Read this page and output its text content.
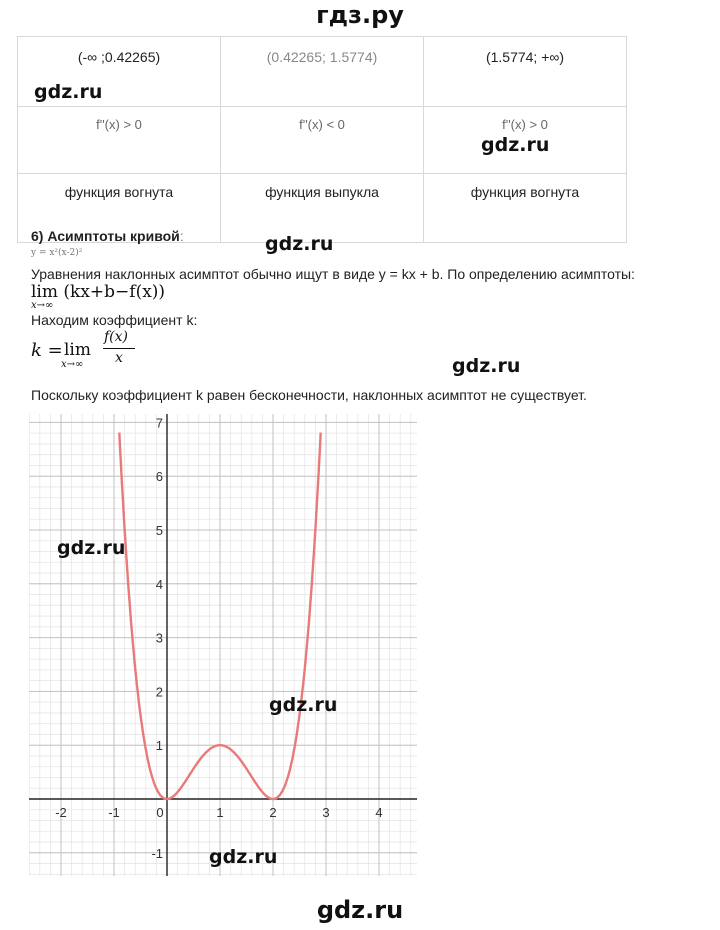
гдз.ру
(-∞ ;0.42265)	(0.42265; 1.5774)	(1.5774; +∞)
f''(x) > 0	f''(x) < 0	f''(x) > 0
функция вогнута	функция выпукла	функция вогнута
6) Асимптоты кривой:
y = x²(x-2)²
Уравнения наклонных асимптот обычно ищут в виде y = kx + b. По определению асимптоты:
lim (kx+b−f(x))
x→∞
Находим коэффициент k:
k = lim
x→∞
f(x)
x
Поскольку коэффициент k равен бесконечности, наклонных асимптот не существует.
-2	-1	0	1	2	3	4
-1
1
2
3
4
5
6
7
gdz.ru
gdz.ru
gdz.ru
gdz.ru
gdz.ru
gdz.ru
gdz.ru
gdz.ru
